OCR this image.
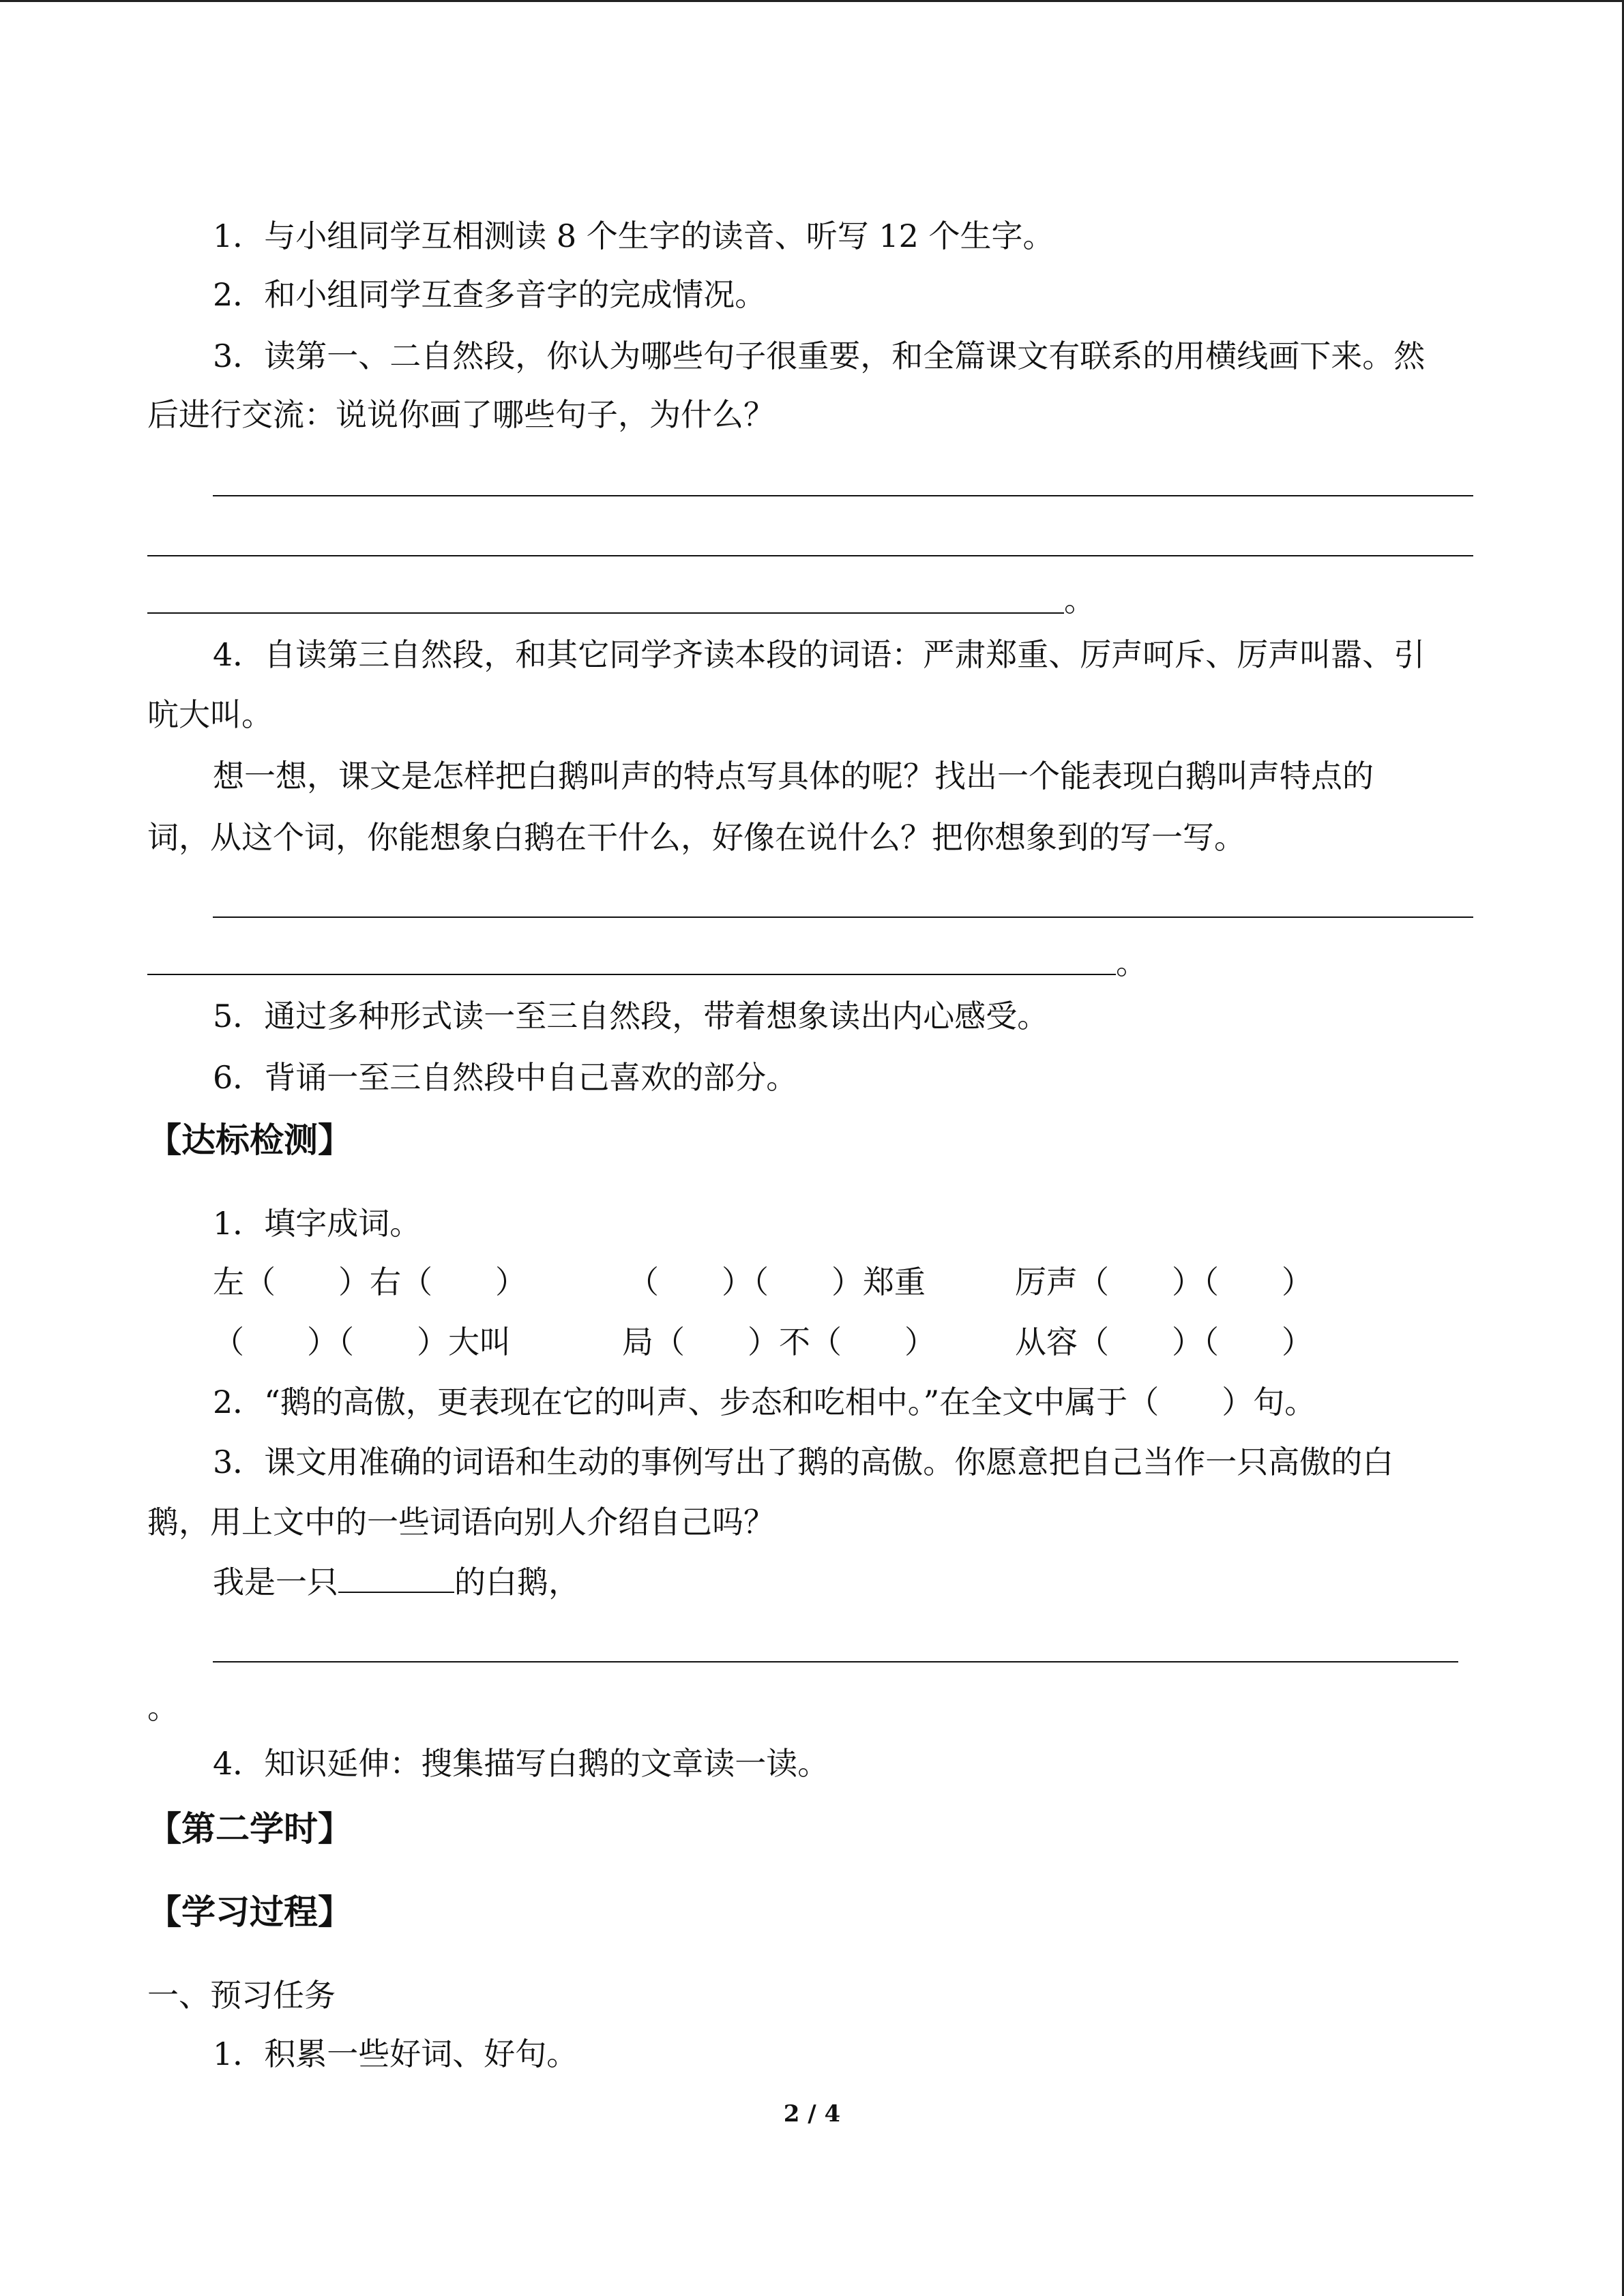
1．与小组同学互相测读 8 个生字的读音、听写 12 个生字。
2．和小组同学互查多音字的完成情况。
3．读第一、二自然段，你认为哪些句子很重要，和全篇课文有联系的用横线画下来。然
后进行交流：说说你画了哪些句子，为什么？
。
4．自读第三自然段，和其它同学齐读本段的词语：严肃郑重、厉声呵斥、厉声叫嚣、引
吭大叫。
想一想，课文是怎样把白鹅叫声的特点写具体的呢？找出一个能表现白鹅叫声特点的
词，从这个词，你能想象白鹅在干什么，好像在说什么？把你想象到的写一写。
。
5．通过多种形式读一至三自然段，带着想象读出内心感受。
6．背诵一至三自然段中自己喜欢的部分。
【达标检测】
1．填字成词。
左（　　）右（　　）	（　　）（　　）郑重	厉声（　　）（　　）
（　　）（　　）大叫	局（　　）不（　　）	从容（　　）（　　）
2．“鹅的高傲，更表现在它的叫声、步态和吃相中。”在全文中属于（　　）句。
3．课文用准确的词语和生动的事例写出了鹅的高傲。你愿意把自己当作一只高傲的白
鹅，用上文中的一些词语向别人介绍自己吗？
我是一只	的白鹅，
。
4．知识延伸：搜集描写白鹅的文章读一读。
【第二学时】
【学习过程】
一、预习任务
1．积累一些好词、好句。
2 / 4
